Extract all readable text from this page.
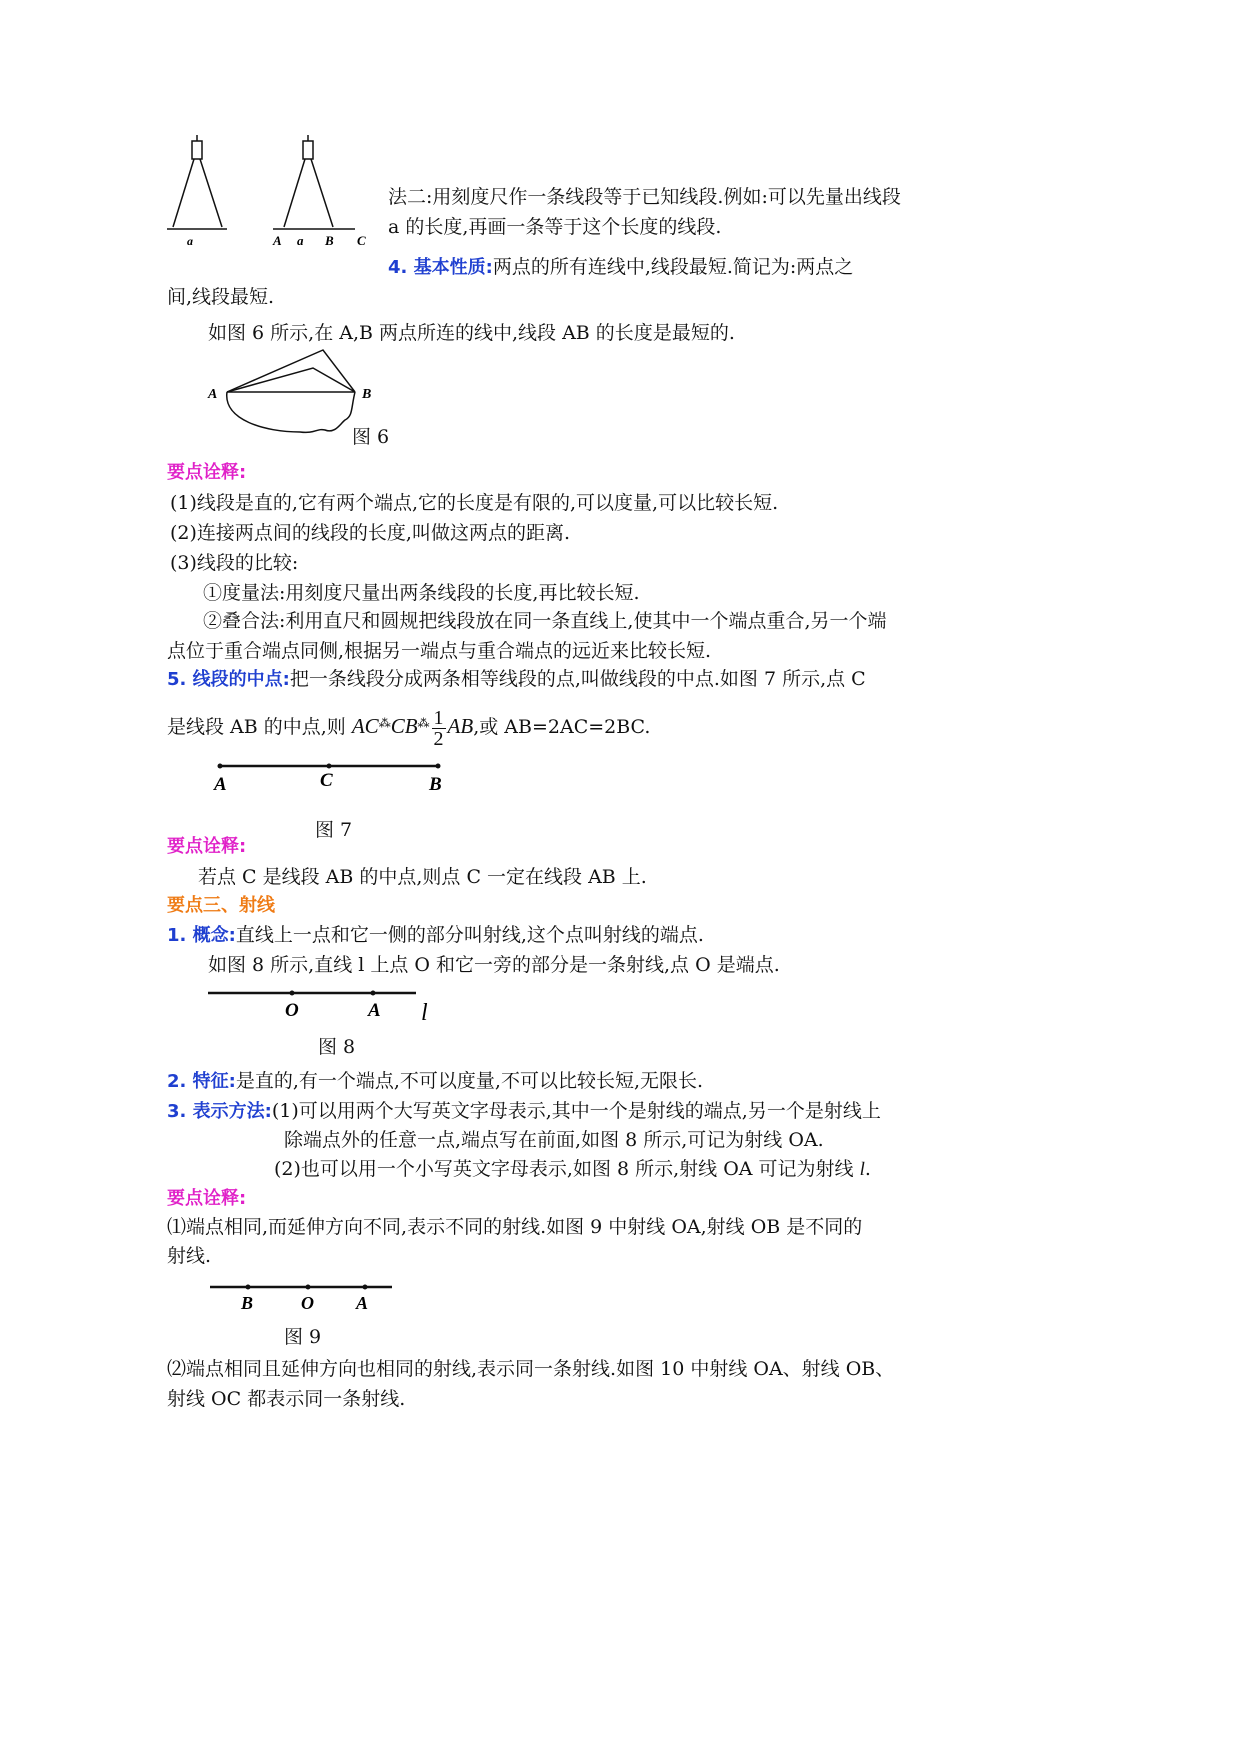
a	A a B C
法二:用刻度尺作一条线段等于已知线段.例如:可以先量出线段
a 的长度,再画一条等于这个长度的线段.
4. 基本性质:两点的所有连线中,线段最短.简记为:两点之
间,线段最短.
如图 6 所示,在 A,B 两点所连的线中,线段 AB 的长度是最短的.
A	B
图 6
要点诠释:
(1)线段是直的,它有两个端点,它的长度是有限的,可以度量,可以比较长短.
(2)连接两点间的线段的长度,叫做这两点的距离.
(3)线段的比较:
①度量法:用刻度尺量出两条线段的长度,再比较长短.
②叠合法:利用直尺和圆规把线段放在同一条直线上,使其中一个端点重合,另一个端
点位于重合端点同侧,根据另一端点与重合端点的远近来比较长短.
5. 线段的中点:把一条线段分成两条相等线段的点,叫做线段的中点.如图 7 所示,点 C
是线段 AB 的中点,则 $AC^⁂CB^⁂ \frac{1}{2}$ AB,或 AB=2AC=2BC.
A	C	B
图 7
要点诠释:
若点 C 是线段 AB 的中点,则点 C 一定在线段 AB 上.
要点三、射线
1. 概念:直线上一点和它一侧的部分叫射线,这个点叫射线的端点.
如图 8 所示,直线 l 上点 O 和它一旁的部分是一条射线,点 O 是端点.
O	A l
图 8
2. 特征:是直的,有一个端点,不可以度量,不可以比较长短,无限长.
3. 表示方法:(1)可以用两个大写英文字母表示,其中一个是射线的端点,另一个是射线上
除端点外的任意一点,端点写在前面,如图 8 所示,可记为射线 OA.
(2)也可以用一个小写英文字母表示,如图 8 所示,射线 OA 可记为射线 l.
要点诠释:
⑴端点相同,而延伸方向不同,表示不同的射线.如图 9 中射线 OA,射线 OB 是不同的
射线.
B	O A
图 9
⑵端点相同且延伸方向也相同的射线,表示同一条射线.如图 10 中射线 OA、射线 OB、
射线 OC 都表示同一条射线.
